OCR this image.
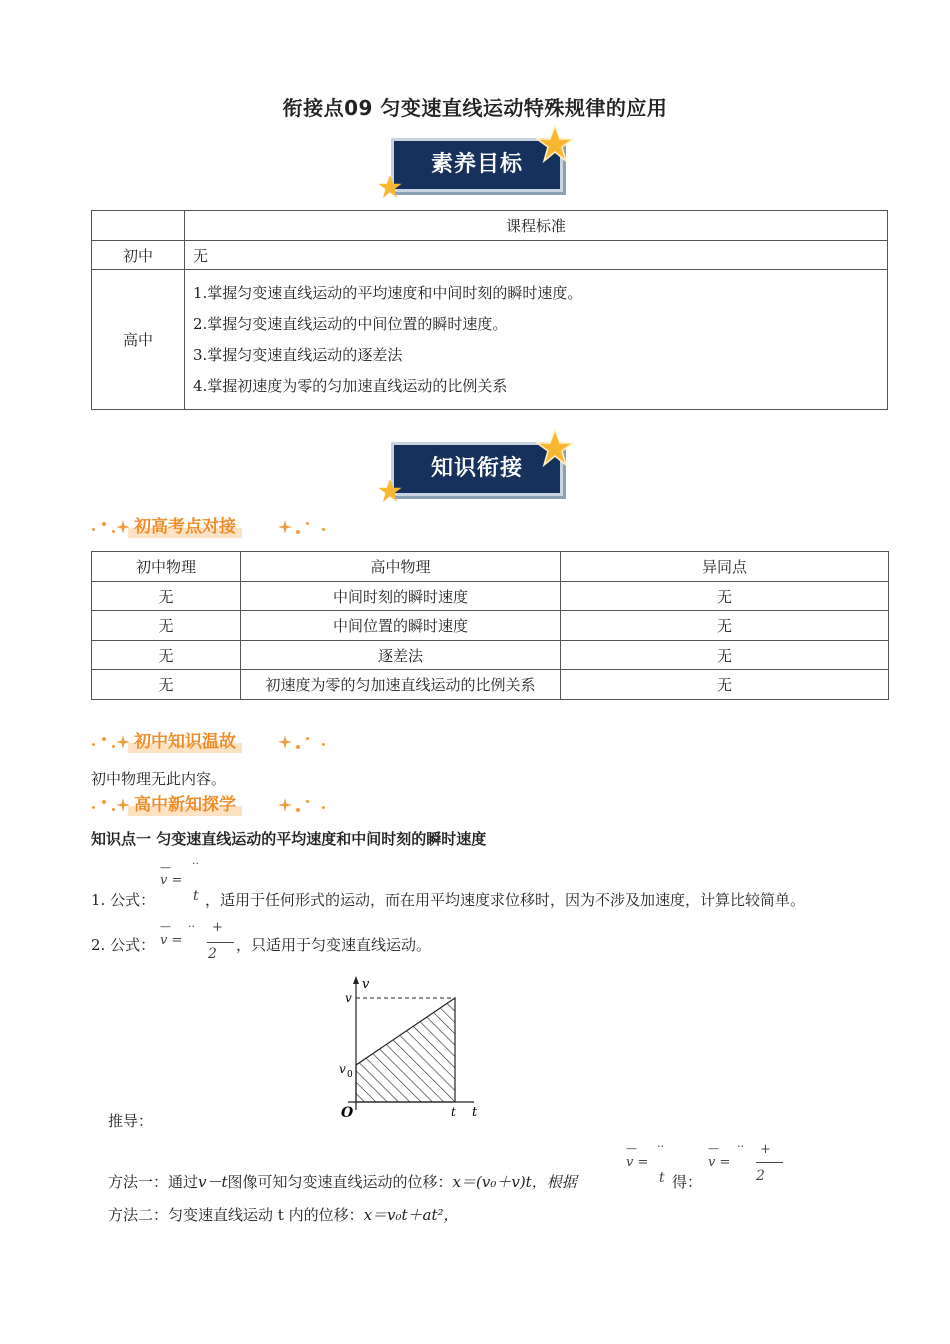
衔接点09 匀变速直线运动特殊规律的应用
素养目标
	课程标准
初中	无
高中	1.掌握匀变速直线运动的平均速度和中间时刻的瞬时速度。
2.掌握匀变速直线运动的中间位置的瞬时速度。
3.掌握匀变速直线运动的逐差法
4.掌握初速度为零的匀加速直线运动的比例关系
知识衔接
初高考点对接
初中物理	高中物理	异同点
无	中间时刻的瞬时速度	无
无	中间位置的瞬时速度	无
无	逐差法	无
无	初速度为零的匀加速直线运动的比例关系	无
初中知识温故
初中物理无此内容。
高中新知探学
知识点一 匀变速直线运动的平均速度和中间时刻的瞬时速度
— ··
v =
1. 公式：	t ，适用于任何形式的运动，而在用平均速度求位移时，因为不涉及加速度，计算比较简单。
— ·· +
2. 公式： v =
2 ，只适用于匀变速直线运动。
v
v
v 0
O	t t
推导：
方法一：通过v－t图像可知匀变速直线运动的位移：x＝(v₀＋v)t，根据
— ··
v =
t 得：
— ·· +
v =
2
方法二：匀变速直线运动 t 内的位移：x＝v₀t＋at²，
